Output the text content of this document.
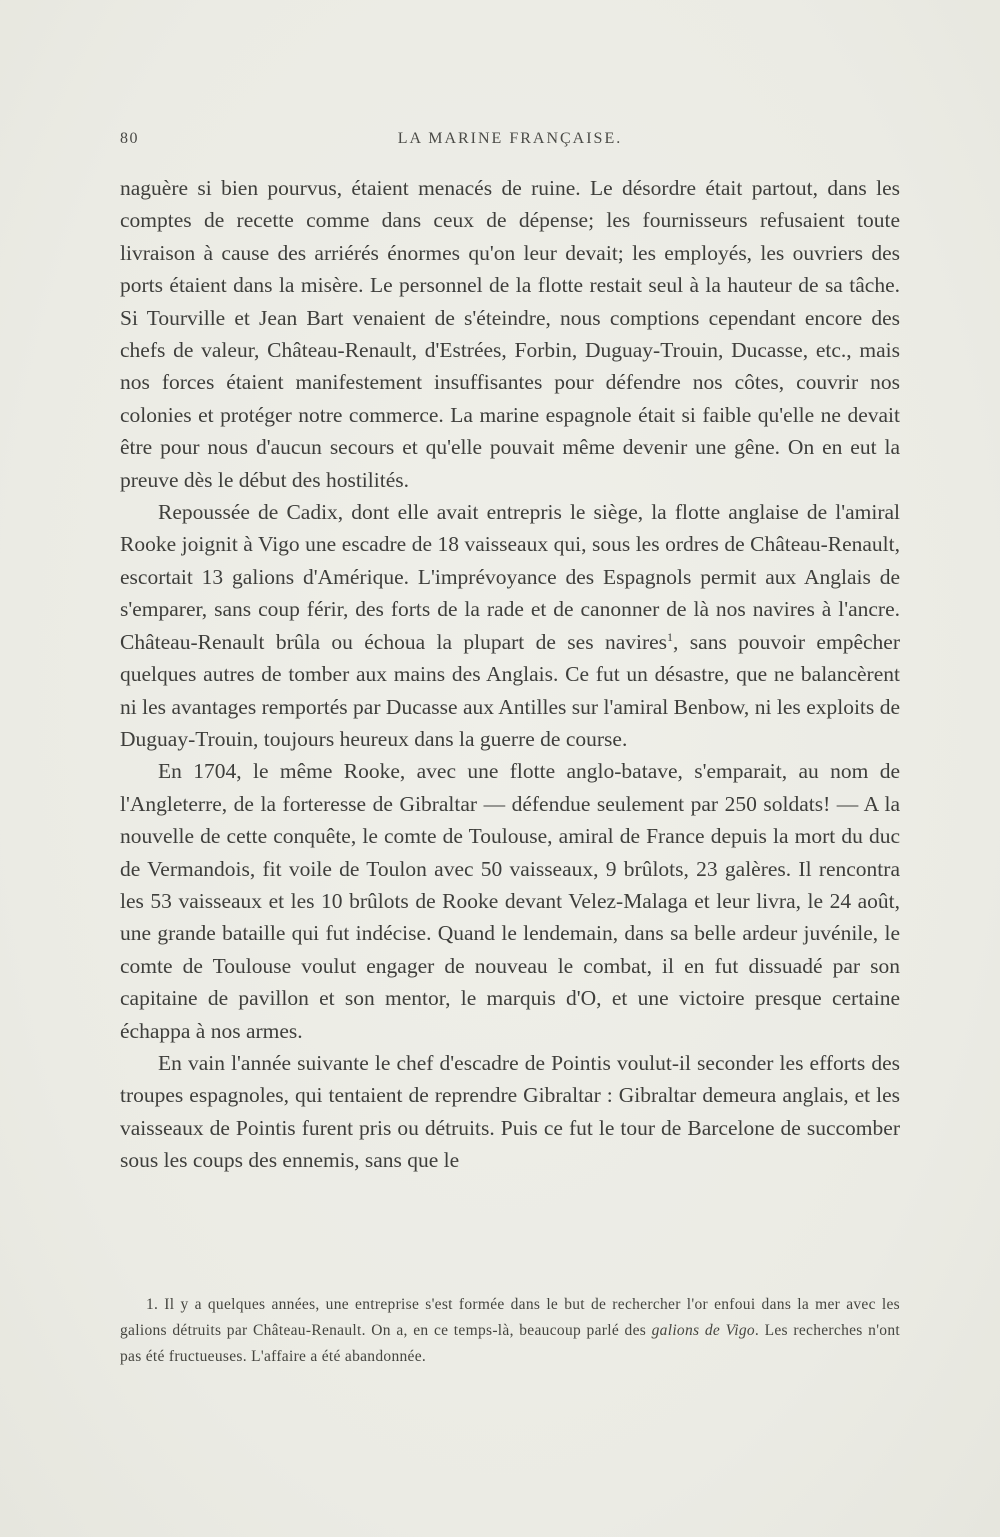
80	LA MARINE FRANÇAISE.

naguère si bien pourvus, étaient menacés de ruine. Le désordre était partout, dans les comptes de recette comme dans ceux de dépense; les fournisseurs refusaient toute livraison à cause des arriérés énormes qu'on leur devait; les employés, les ouvriers des ports étaient dans la misère. Le personnel de la flotte restait seul à la hauteur de sa tâche. Si Tourville et Jean Bart venaient de s'éteindre, nous comptions cependant encore des chefs de valeur, Château-Renault, d'Estrées, Forbin, Duguay-Trouin, Ducasse, etc., mais nos forces étaient manifestement insuffisantes pour défendre nos côtes, couvrir nos colonies et protéger notre commerce. La marine espagnole était si faible qu'elle ne devait être pour nous d'aucun secours et qu'elle pouvait même devenir une gêne. On en eut la preuve dès le début des hostilités.

Repoussée de Cadix, dont elle avait entrepris le siège, la flotte anglaise de l'amiral Rooke joignit à Vigo une escadre de 18 vaisseaux qui, sous les ordres de Château-Renault, escortait 13 galions d'Amérique. L'imprévoyance des Espagnols permit aux Anglais de s'emparer, sans coup férir, des forts de la rade et de canonner de là nos navires à l'ancre. Château-Renault brûla ou échoua la plupart de ses navires$^1$, sans pouvoir empêcher quelques autres de tomber aux mains des Anglais. Ce fut un désastre, que ne balancèrent ni les avantages remportés par Ducasse aux Antilles sur l'amiral Benbow, ni les exploits de Duguay-Trouin, toujours heureux dans la guerre de course.

En 1704, le même Rooke, avec une flotte anglo-batave, s'emparait, au nom de l'Angleterre, de la forteresse de Gibraltar — défendue seulement par 250 soldats! — A la nouvelle de cette conquête, le comte de Toulouse, amiral de France depuis la mort du duc de Vermandois, fit voile de Toulon avec 50 vaisseaux, 9 brûlots, 23 galères. Il rencontra les 53 vaisseaux et les 10 brûlots de Rooke devant Velez-Malaga et leur livra, le 24 août, une grande bataille qui fut indécise. Quand le lendemain, dans sa belle ardeur juvénile, le comte de Toulouse voulut engager de nouveau le combat, il en fut dissuadé par son capitaine de pavillon et son mentor, le marquis d'O, et une victoire presque certaine échappa à nos armes.

En vain l'année suivante le chef d'escadre de Pointis voulut-il seconder les efforts des troupes espagnoles, qui tentaient de reprendre Gibraltar : Gibraltar demeura anglais, et les vaisseaux de Pointis furent pris ou détruits. Puis ce fut le tour de Barcelone de succomber sous les coups des ennemis, sans que le

1. Il y a quelques années, une entreprise s'est formée dans le but de rechercher l'or enfoui dans la mer avec les galions détruits par Château-Renault. On a, en ce temps-là, beaucoup parlé des galions de Vigo. Les recherches n'ont pas été fructueuses. L'affaire a été abandonnée.
